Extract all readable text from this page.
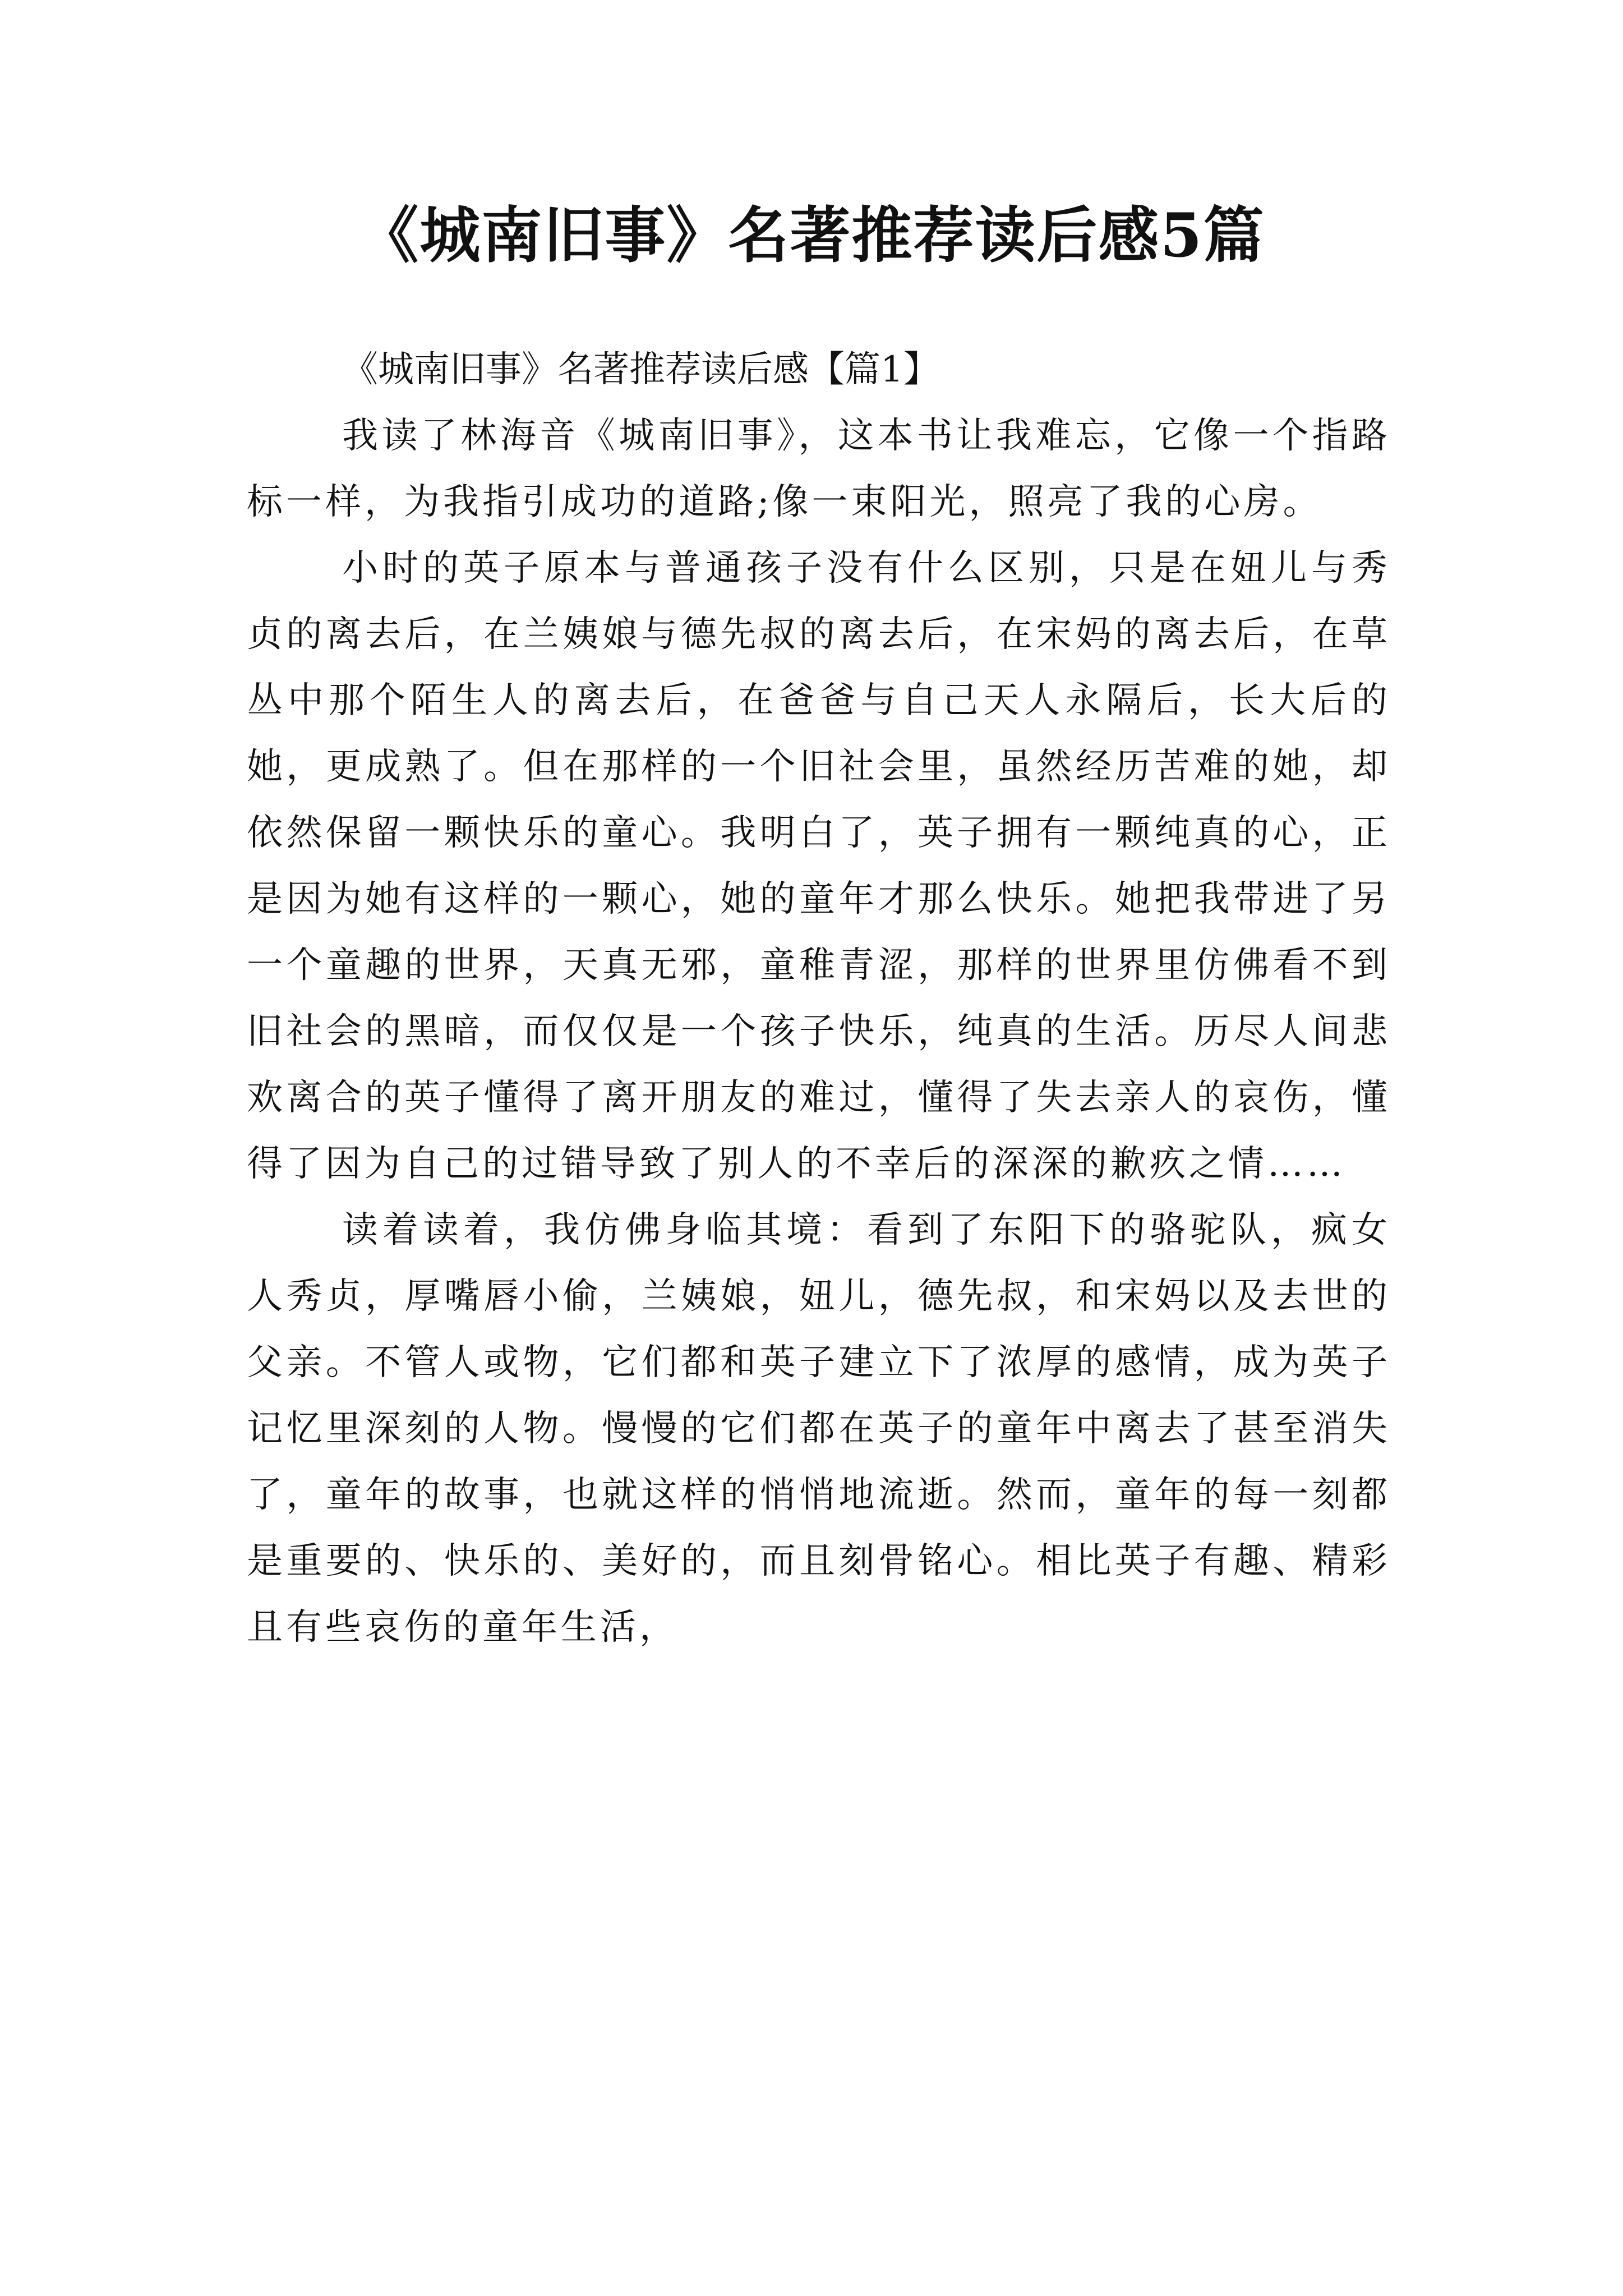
《城南旧事》名著推荐读后感5篇
《城南旧事》名著推荐读后感【篇1】

我读了林海音《城南旧事》，这本书让我难忘，它像一个指路标一样，为我指引成功的道路;像一束阳光，照亮了我的心房。

小时的英子原本与普通孩子没有什么区别，只是在妞儿与秀贞的离去后，在兰姨娘与德先叔的离去后，在宋妈的离去后，在草丛中那个陌生人的离去后，在爸爸与自己天人永隔后，长大后的她，更成熟了。但在那样的一个旧社会里，虽然经历苦难的她，却依然保留一颗快乐的童心。我明白了，英子拥有一颗纯真的心，正是因为她有这样的一颗心，她的童年才那么快乐。她把我带进了另一个童趣的世界，天真无邪，童稚青涩，那样的世界里仿佛看不到旧社会的黑暗，而仅仅是一个孩子快乐，纯真的生活。历尽人间悲欢离合的英子懂得了离开朋友的难过，懂得了失去亲人的哀伤，懂得了因为自己的过错导致了别人的不幸后的深深的歉疚之情……

读着读着，我仿佛身临其境：看到了东阳下的骆驼队，疯女人秀贞，厚嘴唇小偷，兰姨娘，妞儿，德先叔，和宋妈以及去世的父亲。不管人或物，它们都和英子建立下了浓厚的感情，成为英子记忆里深刻的人物。慢慢的它们都在英子的童年中离去了甚至消失了，童年的故事，也就这样的悄悄地流逝。然而，童年的每一刻都是重要的、快乐的、美好的，而且刻骨铭心。相比英子有趣、精彩且有些哀伤的童年生活，
